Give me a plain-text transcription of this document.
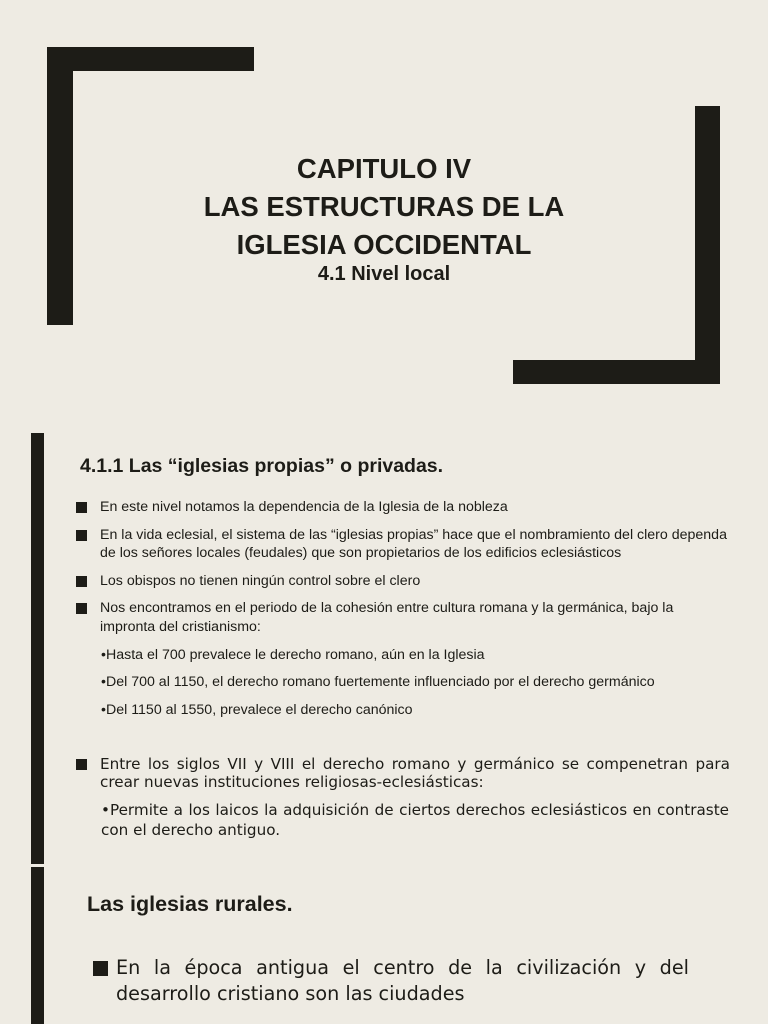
CAPITULO IV
LAS ESTRUCTURAS DE LA
IGLESIA OCCIDENTAL
4.1 Nivel local
4.1.1 Las “iglesias propias” o privadas.
En este nivel notamos la dependencia de la Iglesia de la nobleza
En la vida eclesial, el sistema de las “iglesias propias” hace que el nombramiento del clero dependa de los señores locales (feudales) que son propietarios de los edificios eclesiásticos
Los obispos no tienen ningún control sobre el clero
Nos encontramos en el periodo de la cohesión entre cultura romana y la germánica, bajo la impronta del cristianismo:
•Hasta el 700 prevalece le derecho romano, aún en la Iglesia
•Del 700 al 1150, el derecho romano fuertemente influenciado por el derecho germánico
•Del 1150 al 1550, prevalece el derecho canónico
Entre los siglos VII y VIII el derecho romano y germánico se compenetran para crear nuevas instituciones religiosas-eclesiásticas:
•Permite a los laicos la adquisición de ciertos derechos eclesiásticos en contraste con el derecho antiguo.
Las iglesias rurales.
En la época antigua el centro de la civilización y del desarrollo cristiano son las ciudades
